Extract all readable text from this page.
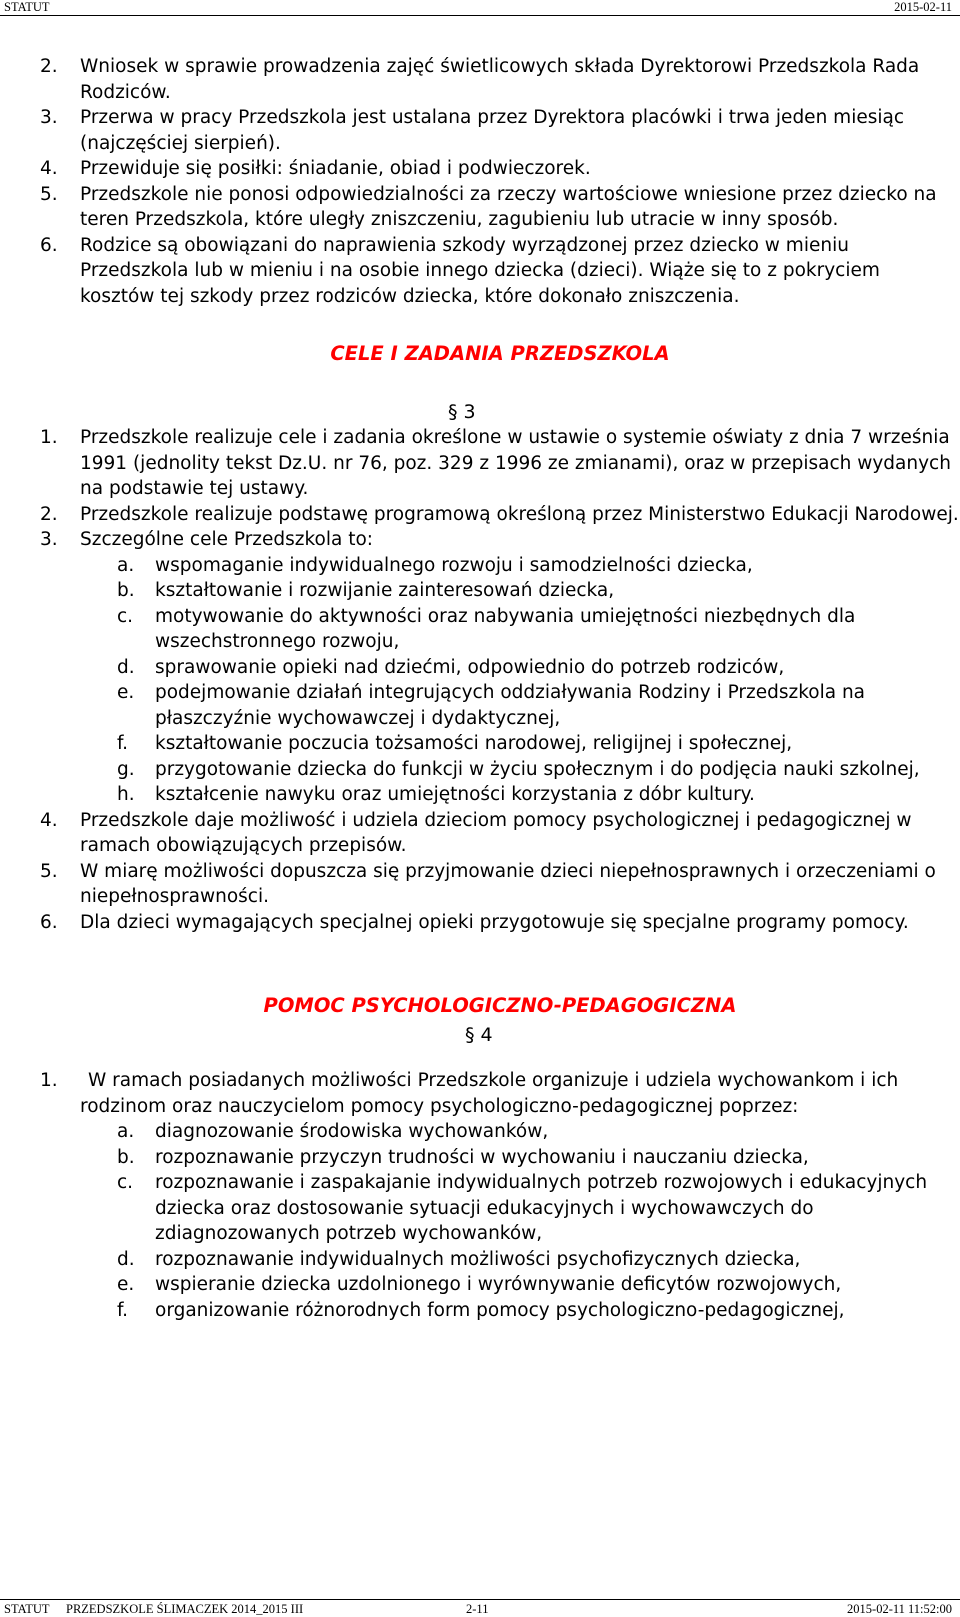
STATUT	2015-02-11
2. Wniosek w sprawie prowadzenia zajęć świetlicowych składa Dyrektorowi Przedszkola Rada Rodziców.
3. Przerwa w pracy Przedszkola jest ustalana przez Dyrektora placówki i trwa jeden miesiąc (najczęściej sierpień).
4. Przewiduje się posiłki: śniadanie, obiad i podwieczorek.
5. Przedszkole nie ponosi odpowiedzialności za rzeczy wartościowe wniesione przez dziecko na teren Przedszkola, które uległy zniszczeniu, zagubieniu lub utracie w inny sposób.
6. Rodzice są obowiązani do naprawienia szkody wyrządzonej przez dziecko w mieniu Przedszkola lub w mieniu i na osobie innego dziecka (dzieci). Wiąże się to z pokryciem kosztów tej szkody przez rodziców dziecka, które dokonało zniszczenia.
CELE I ZADANIA PRZEDSZKOLA
§ 3
1. Przedszkole realizuje cele i zadania określone w ustawie o systemie oświaty z dnia 7 września 1991 (jednolity tekst Dz.U. nr 76, poz. 329 z 1996 ze zmianami), oraz w przepisach wydanych na podstawie tej ustawy.
2. Przedszkole realizuje podstawę programową określoną przez Ministerstwo Edukacji Narodowej.
3. Szczególne cele Przedszkola to:
a. wspomaganie indywidualnego rozwoju i samodzielności dziecka,
b. kształtowanie i rozwijanie zainteresowań dziecka,
c. motywowanie do aktywności oraz nabywania umiejętności niezbędnych dla wszechstronnego rozwoju,
d. sprawowanie opieki nad dziećmi, odpowiednio do potrzeb rodziców,
e. podejmowanie działań integrujących oddziaływania Rodziny i Przedszkola na płaszczyźnie wychowawczej i dydaktycznej,
f. kształtowanie poczucia tożsamości narodowej, religijnej i społecznej,
g. przygotowanie dziecka do funkcji w życiu społecznym i do podjęcia nauki szkolnej,
h. kształcenie nawyku oraz umiejętności korzystania z dóbr kultury.
4. Przedszkole daje możliwość i udziela dzieciom pomocy psychologicznej i pedagogicznej w ramach obowiązujących przepisów.
5. W miarę możliwości dopuszcza się przyjmowanie dzieci niepełnosprawnych i orzeczeniami o niepełnosprawności.
6. Dla dzieci wymagających specjalnej opieki przygotowuje się specjalne programy pomocy.
POMOC PSYCHOLOGICZNO-PEDAGOGICZNA
§ 4
1. W ramach posiadanych możliwości Przedszkole organizuje i udziela wychowankom i ich rodzinom oraz nauczycielom pomocy psychologiczno-pedagogicznej poprzez:
a. diagnozowanie środowiska wychowanków,
b. rozpoznawanie przyczyn trudności w wychowaniu i nauczaniu dziecka,
c. rozpoznawanie i zaspakajanie indywidualnych potrzeb rozwojowych i edukacyjnych dziecka oraz dostosowanie sytuacji edukacyjnych i wychowawczych do zdiagnozowanych potrzeb wychowanków,
d. rozpoznawanie indywidualnych możliwości psychofizycznych dziecka,
e. wspieranie dziecka uzdolnionego i wyrównywanie deficytów rozwojowych,
f. organizowanie różnorodnych form pomocy psychologiczno-pedagogicznej,
STATUT PRZEDSZKOLE ŚLIMACZEK 2014_2015 III	2-11	2015-02-11 11:52:00
